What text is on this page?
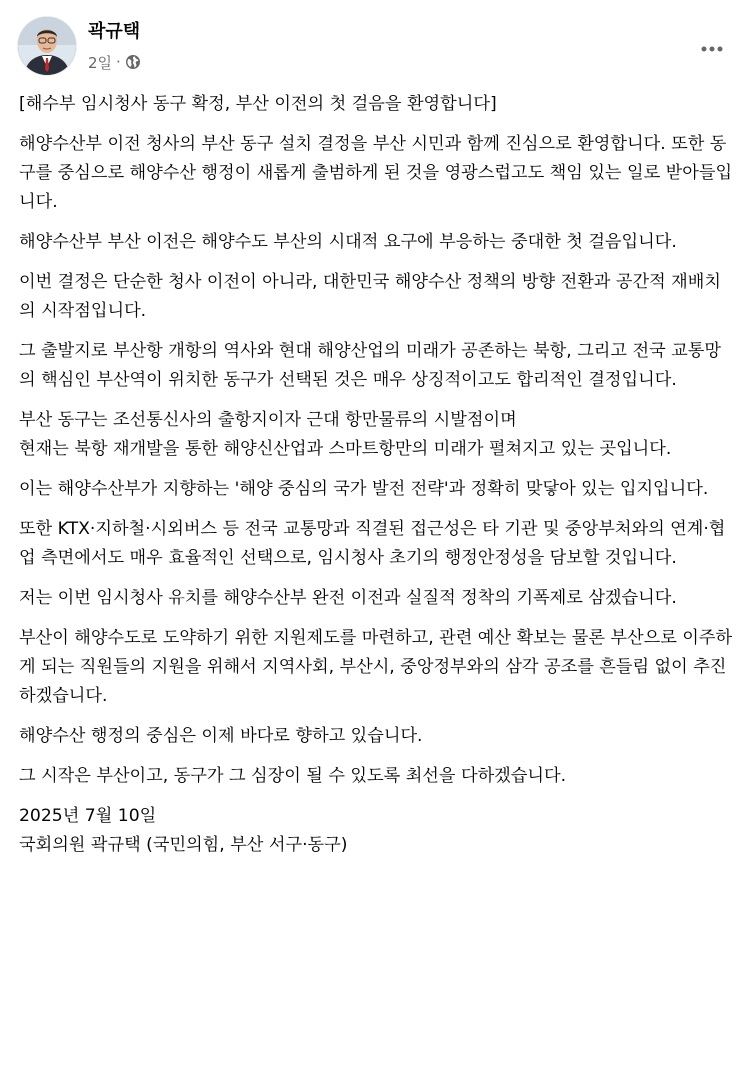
곽규택
2일 ·

[해수부 임시청사 동구 확정, 부산 이전의 첫 걸음을 환영합니다]

해양수산부 이전 청사의 부산 동구 설치 결정을 부산 시민과 함께 진심으로 환영합니다. 또한 동구를 중심으로 해양수산 행정이 새롭게 출범하게 된 것을 영광스럽고도 책임 있는 일로 받아들입니다.

해양수산부 부산 이전은 해양수도 부산의 시대적 요구에 부응하는 중대한 첫 걸음입니다.

이번 결정은 단순한 청사 이전이 아니라, 대한민국 해양수산 정책의 방향 전환과 공간적 재배치의 시작점입니다.

그 출발지로 부산항 개항의 역사와 현대 해양산업의 미래가 공존하는 북항, 그리고 전국 교통망의 핵심인 부산역이 위치한 동구가 선택된 것은 매우 상징적이고도 합리적인 결정입니다.

부산 동구는 조선통신사의 출항지이자 근대 항만물류의 시발점이며
현재는 북항 재개발을 통한 해양신산업과 스마트항만의 미래가 펼쳐지고 있는 곳입니다.

이는 해양수산부가 지향하는 '해양 중심의 국가 발전 전략'과 정확히 맞닿아 있는 입지입니다.

또한 KTX·지하철·시외버스 등 전국 교통망과 직결된 접근성은 타 기관 및 중앙부처와의 연계·협업 측면에서도 매우 효율적인 선택으로, 임시청사 초기의 행정안정성을 담보할 것입니다.

저는 이번 임시청사 유치를 해양수산부 완전 이전과 실질적 정착의 기폭제로 삼겠습니다.

부산이 해양수도로 도약하기 위한 지원제도를 마련하고, 관련 예산 확보는 물론 부산으로 이주하게 되는 직원들의 지원을 위해서 지역사회, 부산시, 중앙정부와의 삼각 공조를 흔들림 없이 추진하겠습니다.

해양수산 행정의 중심은 이제 바다로 향하고 있습니다.

그 시작은 부산이고, 동구가 그 심장이 될 수 있도록 최선을 다하겠습니다.

2025년 7월 10일

국회의원 곽규택 (국민의힘, 부산 서구·동구)
